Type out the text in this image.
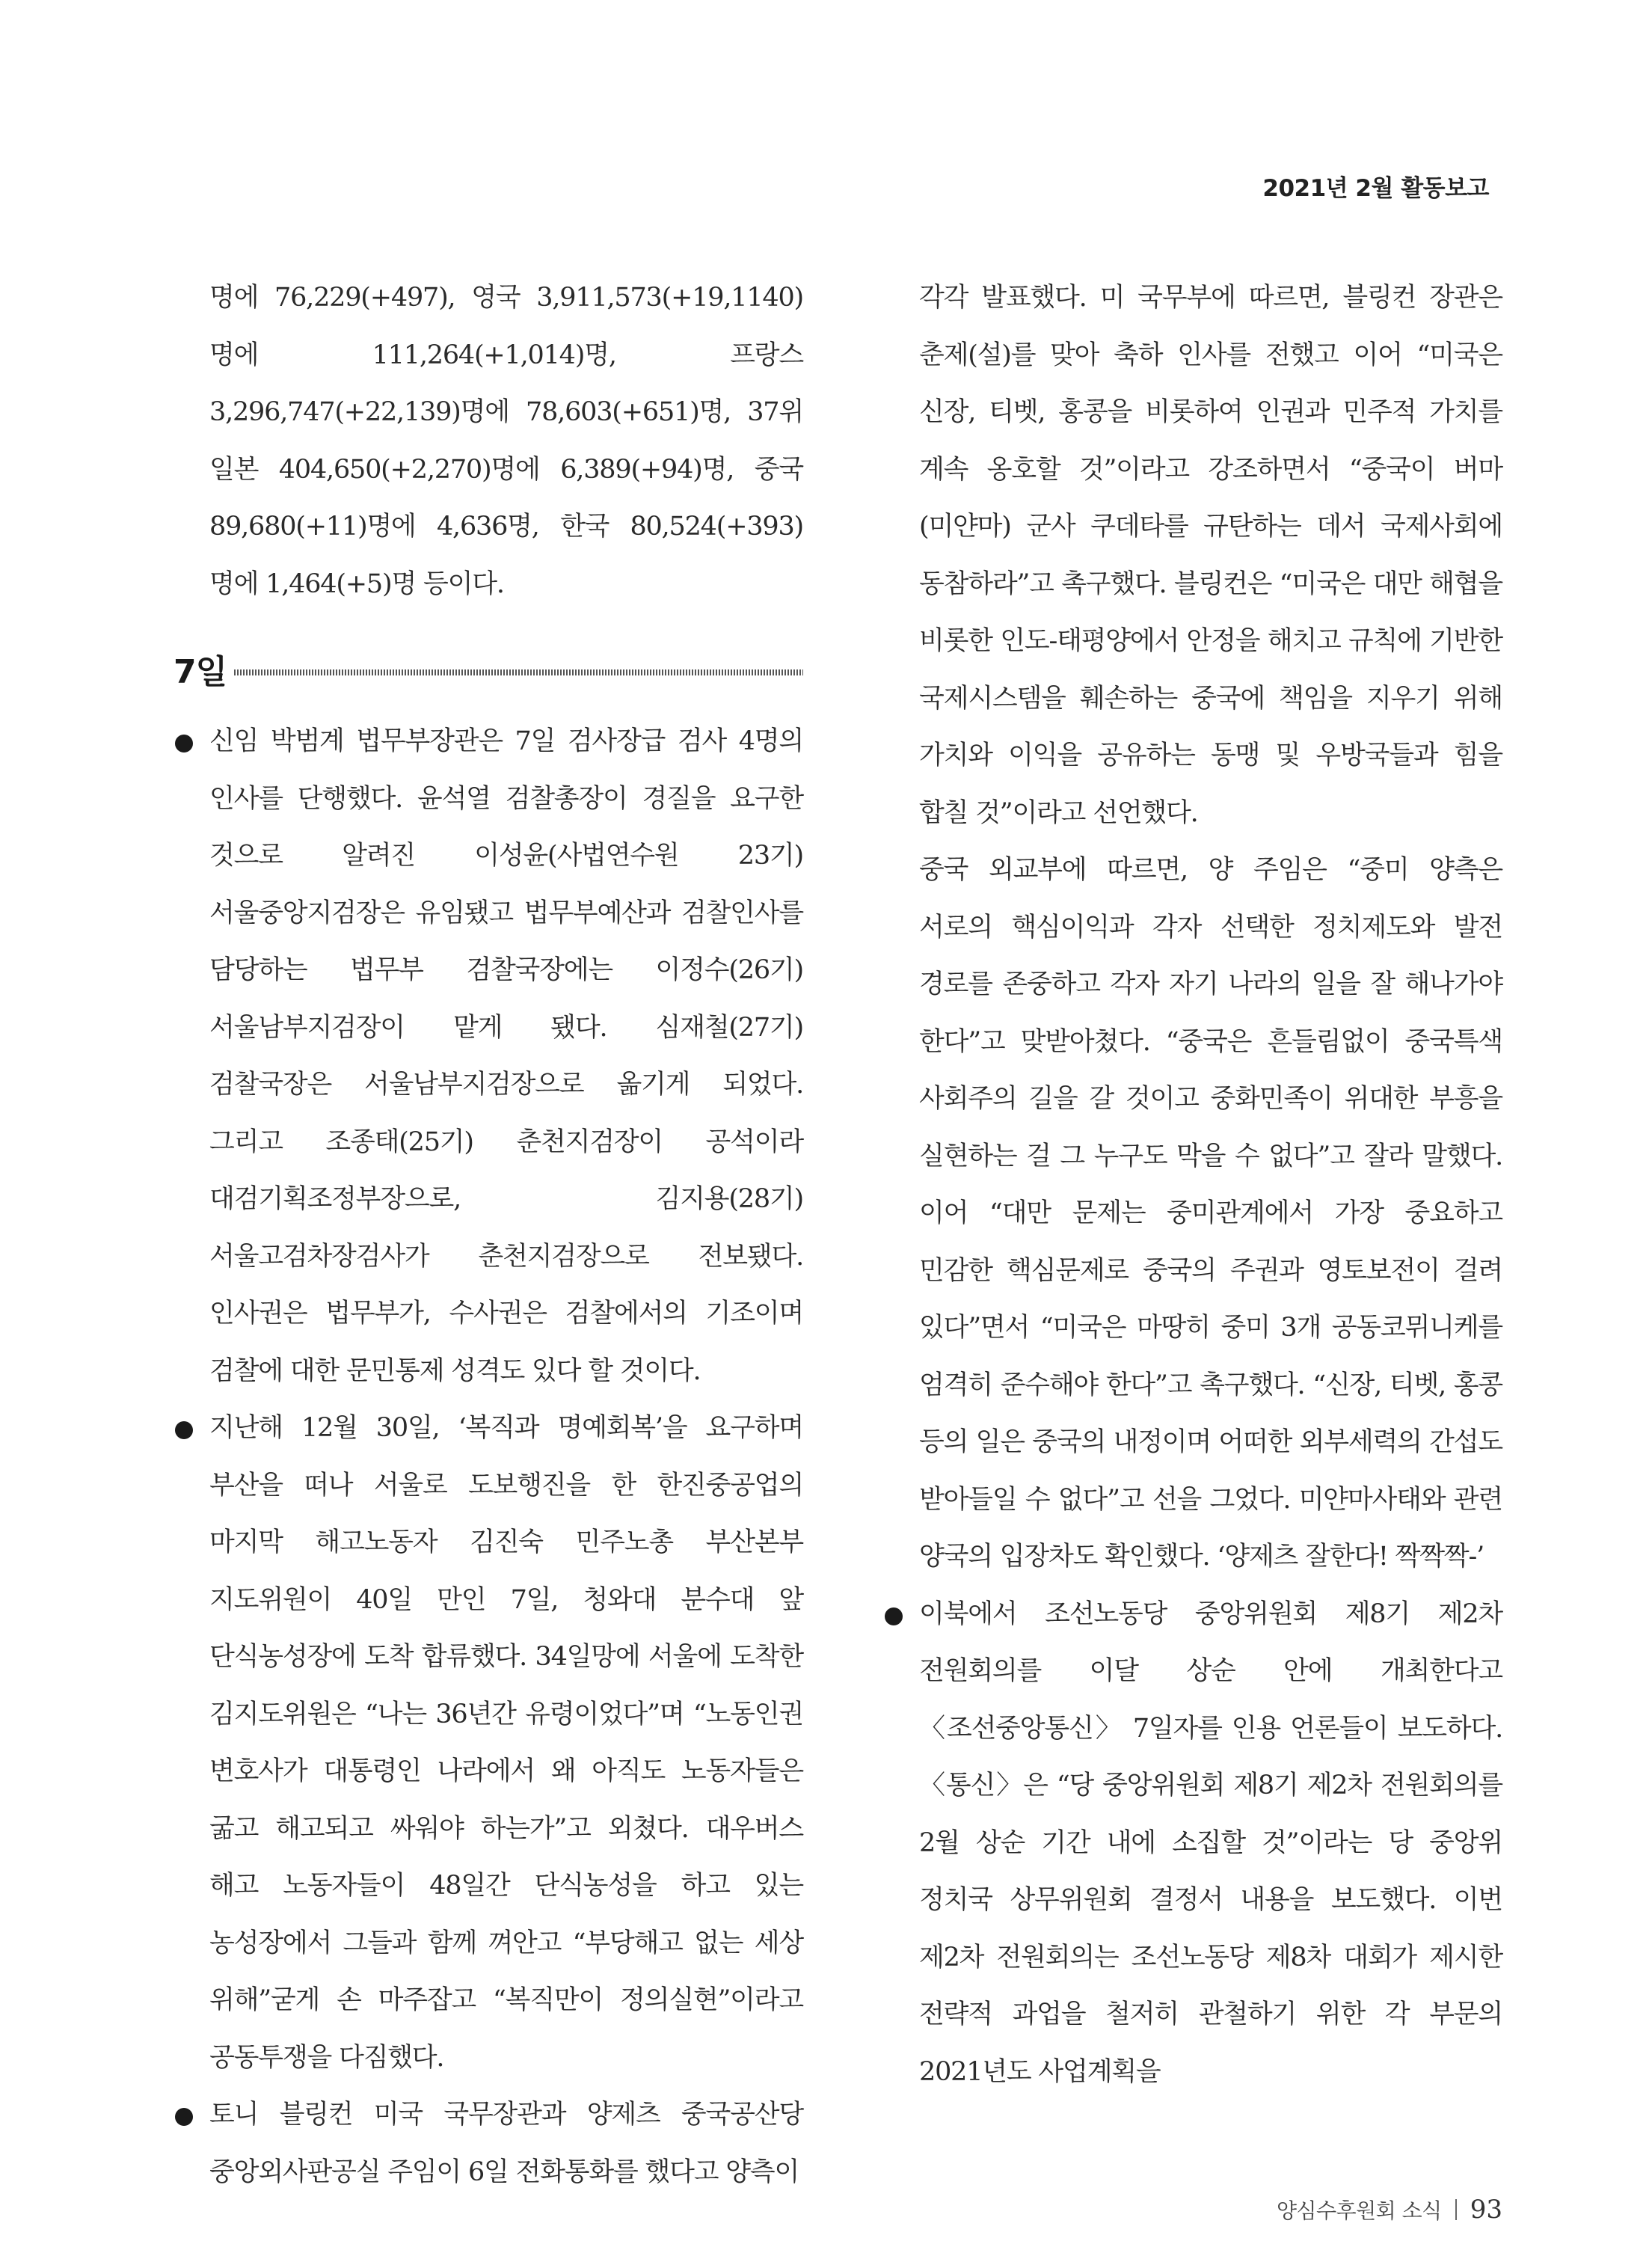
2021년 2월 활동보고

명에 76,229(+497), 영국 3,911,573(+19,1140)명에 111,264(+1,014)명, 프랑스 3,296,747(+22,139)명에 78,603(+651)명, 37위 일본 404,650(+2,270)명에 6,389(+94)명, 중국 89,680(+11)명에 4,636명, 한국 80,524(+393)명에 1,464(+5)명 등이다.

7일
신임 박범계 법무부장관은 7일 검사장급 검사 4명의 인사를 단행했다. 윤석열 검찰총장이 경질을 요구한 것으로 알려진 이성윤(사법연수원 23기) 서울중앙지검장은 유임됐고 법무부예산과 검찰인사를 담당하는 법무부 검찰국장에는 이정수(26기) 서울남부지검장이 맡게 됐다. 심재철(27기) 검찰국장은 서울남부지검장으로 옮기게 되었다. 그리고 조종태(25기) 춘천지검장이 공석이라 대검기획조정부장으로, 김지용(28기) 서울고검차장검사가 춘천지검장으로 전보됐다. 인사권은 법무부가, 수사권은 검찰에서의 기조이며 검찰에 대한 문민통제 성격도 있다 할 것이다.
지난해 12월 30일, ‘복직과 명예회복’을 요구하며 부산을 떠나 서울로 도보행진을 한 한진중공업의 마지막 해고노동자 김진숙 민주노총 부산본부 지도위원이 40일 만인 7일, 청와대 분수대 앞 단식농성장에 도착 합류했다. 34일망에 서울에 도착한 김지도위원은 “나는 36년간 유령이었다”며 “노동인권 변호사가 대통령인 나라에서 왜 아직도 노동자들은 굶고 해고되고 싸워야 하는가”고 외쳤다. 대우버스 해고 노동자들이 48일간 단식농성을 하고 있는 농성장에서 그들과 함께 껴안고 “부당해고 없는 세상 위해”굳게 손 마주잡고 “복직만이 정의실현”이라고 공동투쟁을 다짐했다.
토니 블링컨 미국 국무장관과 양제츠 중국공산당 중앙외사판공실 주임이 6일 전화통화를 했다고 양측이

각각 발표했다. 미 국무부에 따르면, 블링컨 장관은 춘제(설)를 맞아 축하 인사를 전했고 이어 “미국은 신장, 티벳, 홍콩을 비롯하여 인권과 민주적 가치를 계속 옹호할 것”이라고 강조하면서 “중국이 버마(미얀마) 군사 쿠데타를 규탄하는 데서 국제사회에 동참하라”고 촉구했다. 블링컨은 “미국은 대만 해협을 비롯한 인도-태평양에서 안정을 해치고 규칙에 기반한 국제시스템을 훼손하는 중국에 책임을 지우기 위해 가치와 이익을 공유하는 동맹 및 우방국들과 힘을 합칠 것”이라고 선언했다.

중국 외교부에 따르면, 양 주임은 “중미 양측은 서로의 핵심이익과 각자 선택한 정치제도와 발전 경로를 존중하고 각자 자기 나라의 일을 잘 해나가야 한다”고 맞받아쳤다. “중국은 흔들림없이 중국특색 사회주의 길을 갈 것이고 중화민족이 위대한 부흥을 실현하는 걸 그 누구도 막을 수 없다”고 잘라 말했다. 이어 “대만 문제는 중미관계에서 가장 중요하고 민감한 핵심문제로 중국의 주권과 영토보전이 걸려 있다”면서 “미국은 마땅히 중미 3개 공동코뮈니케를 엄격히 준수해야 한다”고 촉구했다. “신장, 티벳, 홍콩 등의 일은 중국의 내정이며 어떠한 외부세력의 간섭도 받아들일 수 없다”고 선을 그었다. 미얀마사태와 관련 양국의 입장차도 확인했다. ‘양제츠 잘한다! 짝짝짝-’

이북에서 조선노동당 중앙위원회 제8기 제2차 전원회의를 이달 상순 안에 개최한다고 〈조선중앙통신〉 7일자를 인용 언론들이 보도하다. 〈통신〉은 “당 중앙위원회 제8기 제2차 전원회의를 2월 상순 기간 내에 소집할 것”이라는 당 중앙위 정치국 상무위원회 결정서 내용을 보도했다. 이번 제2차 전원회의는 조선노동당 제8차 대회가 제시한 전략적 과업을 철저히 관철하기 위한 각 부문의 2021년도 사업계획을
양심수후원회 소식 93
